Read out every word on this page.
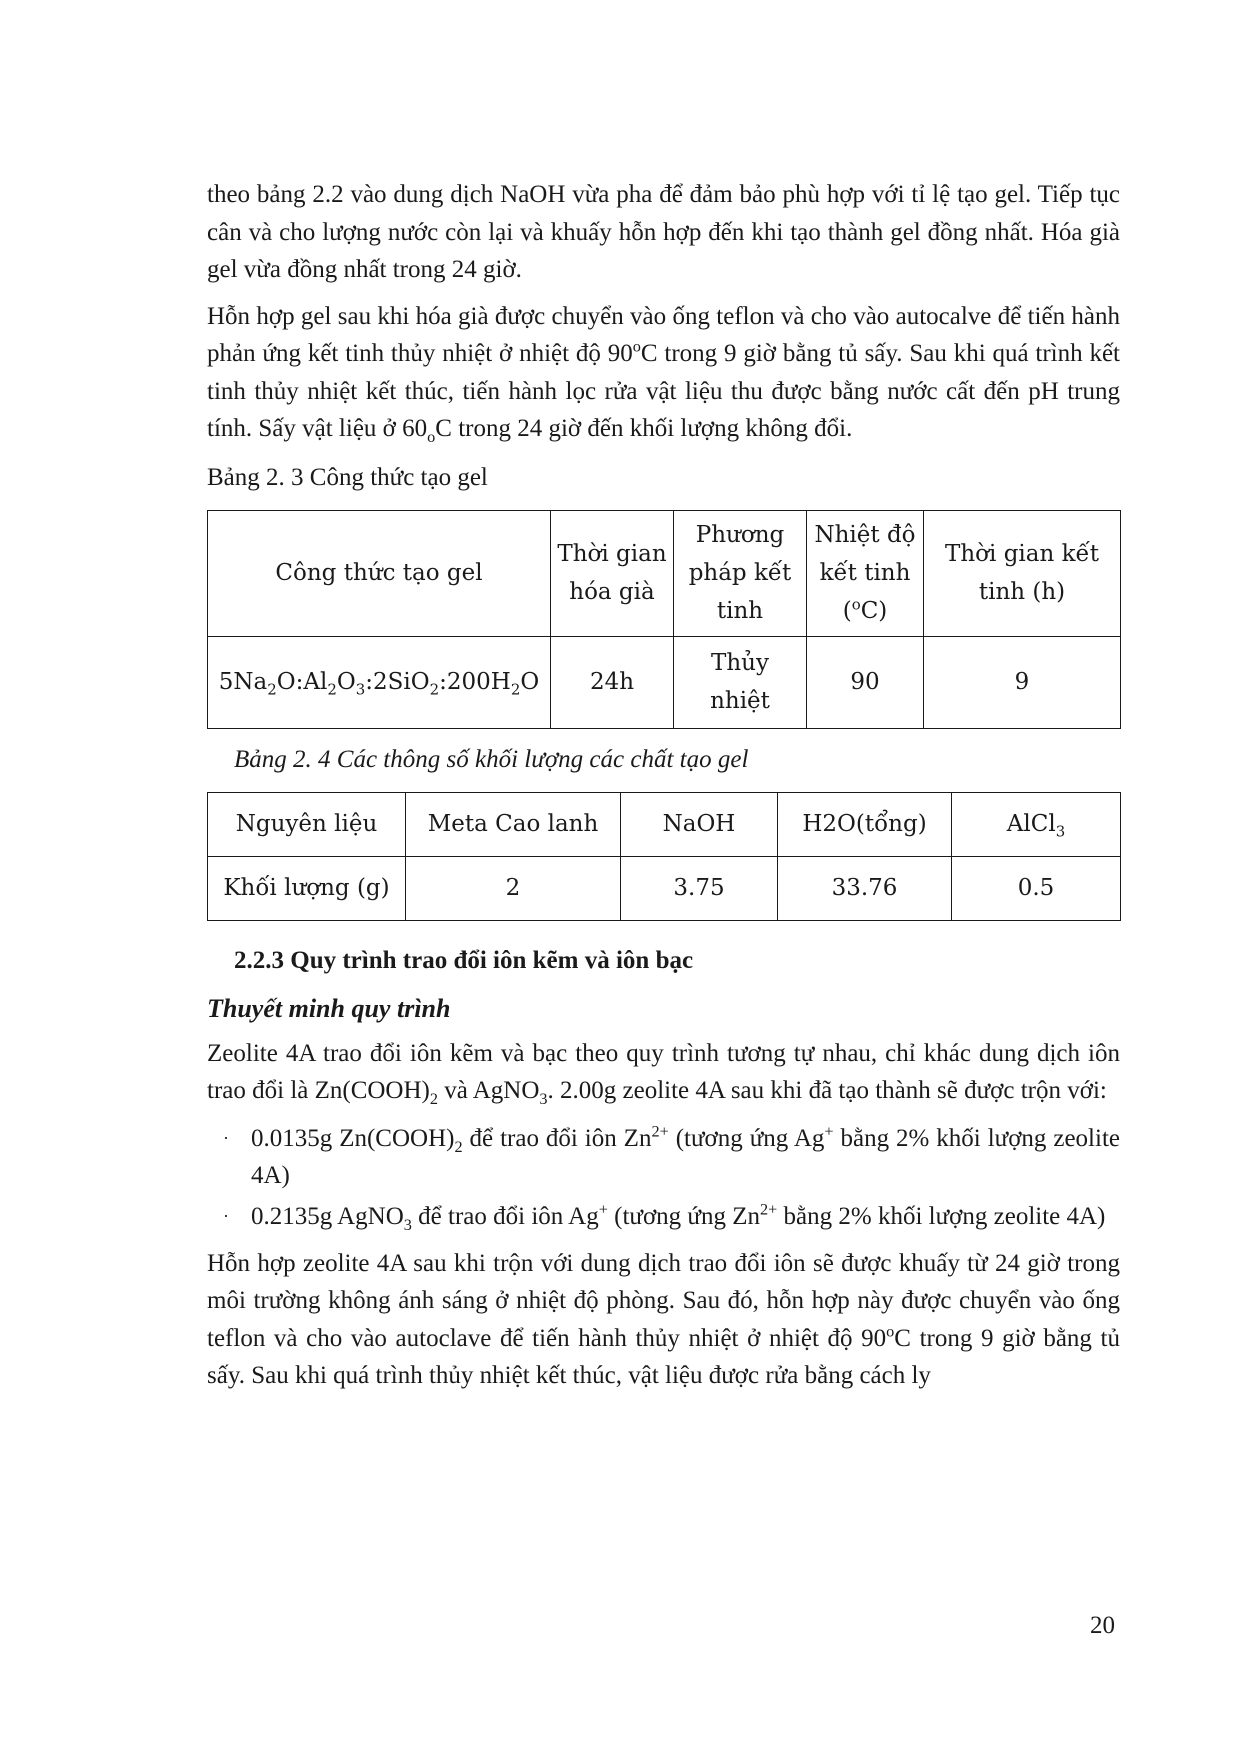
theo bảng 2.2 vào dung dịch NaOH vừa pha để đảm bảo phù hợp với tỉ lệ tạo gel. Tiếp tục cân và cho lượng nước còn lại và khuấy hỗn hợp đến khi tạo thành gel đồng nhất. Hóa già gel vừa đồng nhất trong 24 giờ.

Hỗn hợp gel sau khi hóa già được chuyển vào ống teflon và cho vào autocalve để tiến hành phản ứng kết tinh thủy nhiệt ở nhiệt độ 90$^o$C trong 9 giờ bằng tủ sấy. Sau khi quá trình kết tinh thủy nhiệt kết thúc, tiến hành lọc rửa vật liệu thu được bằng nước cất đến pH trung tính. Sấy vật liệu ở $60_oC$ trong 24 giờ đến khối lượng không đổi.

Bảng 2. 3 Công thức tạo gel
Công thức tạo gel	Thời gian hóa già	Phương pháp kết tinh	Nhiệt độ kết tinh ($^o$C)	Thời gian kết tinh (h)
$5Na_2O:Al_2O_3:2SiO_2:200H_2O$	24h	Thủy nhiệt	90	9
Bảng 2. 4 Các thông số khối lượng các chất tạo gel
Nguyên liệu	Meta Cao lanh	NaOH	H2O(tổng)	AlCl$_3$
Khối lượng (g)	2	3.75	33.76	0.5
2.2.3 Quy trình trao đổi iôn kẽm và iôn bạc
Thuyết minh quy trình

Zeolite 4A trao đổi iôn kẽm và bạc theo quy trình tương tự nhau, chỉ khác dung dịch iôn trao đổi là $Zn(COOH)_2$ và AgNO$_3$. 2.00g zeolite 4A sau khi đã tạo thành sẽ được trộn với:

· 0.0135g $Zn(COOH)_2$ để trao đổi iôn $Zn^{2+}$ (tương ứng Ag+ bằng 2% khối lượng zeolite 4A)
· 0.2135g AgNO$_3$ để trao đổi iôn Ag+ (tương ứng $Zn^{2+}$ bằng 2% khối lượng zeolite 4A)

Hỗn hợp zeolite 4A sau khi trộn với dung dịch trao đổi iôn sẽ được khuấy từ 24 giờ trong môi trường không ánh sáng ở nhiệt độ phòng. Sau đó, hỗn hợp này được chuyển vào ống teflon và cho vào autoclave để tiến hành thủy nhiệt ở nhiệt độ 90$^o$C trong 9 giờ bằng tủ sấy. Sau khi quá trình thủy nhiệt kết thúc, vật liệu được rửa bằng cách ly

20
